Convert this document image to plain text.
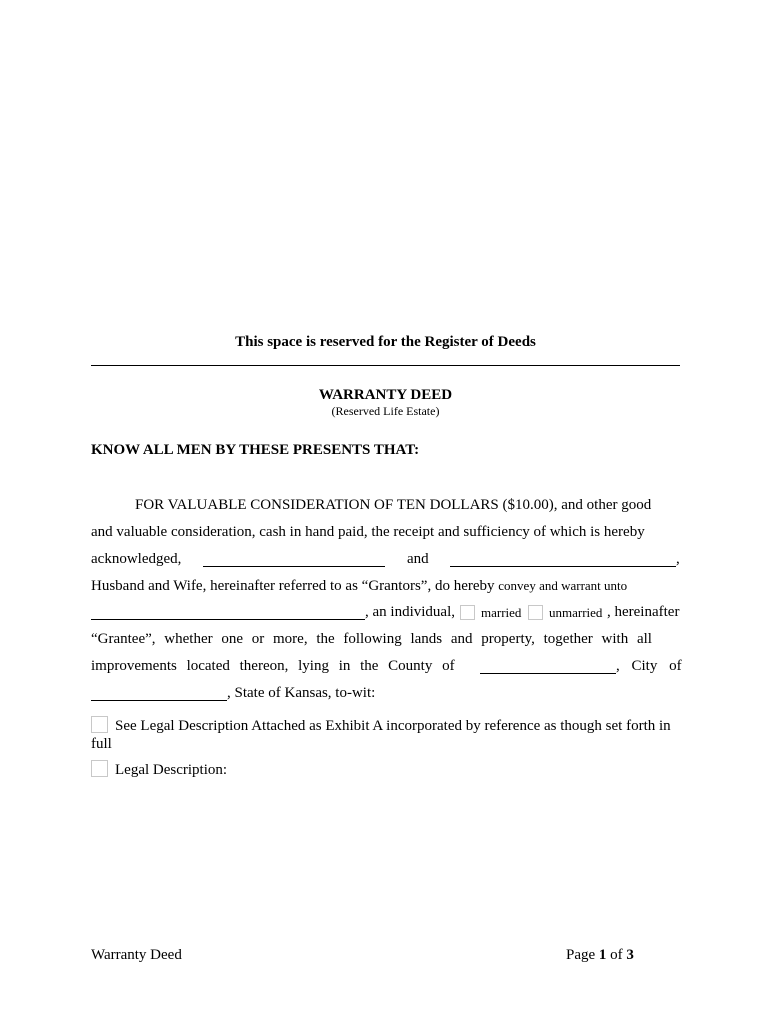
This space is reserved for the Register of Deeds
WARRANTY DEED
(Reserved Life Estate)
KNOW ALL MEN BY THESE PRESENTS THAT:
FOR VALUABLE CONSIDERATION OF TEN DOLLARS ($10.00), and other good
and valuable consideration, cash in hand paid, the receipt and sufficiency of which is hereby
acknowledged,	and	,
Husband and Wife, hereinafter referred to as “Grantors”, do hereby convey and warrant unto
, an individual, married unmarried , hereinafter
“Grantee”, whether one or more, the following lands and property, together with all
improvements located thereon, lying in the County of	, City of
, State of Kansas, to-wit:
See Legal Description Attached as Exhibit A incorporated by reference as though set forth in
full
Legal Description:
Warranty Deed	Page 1 of 3
